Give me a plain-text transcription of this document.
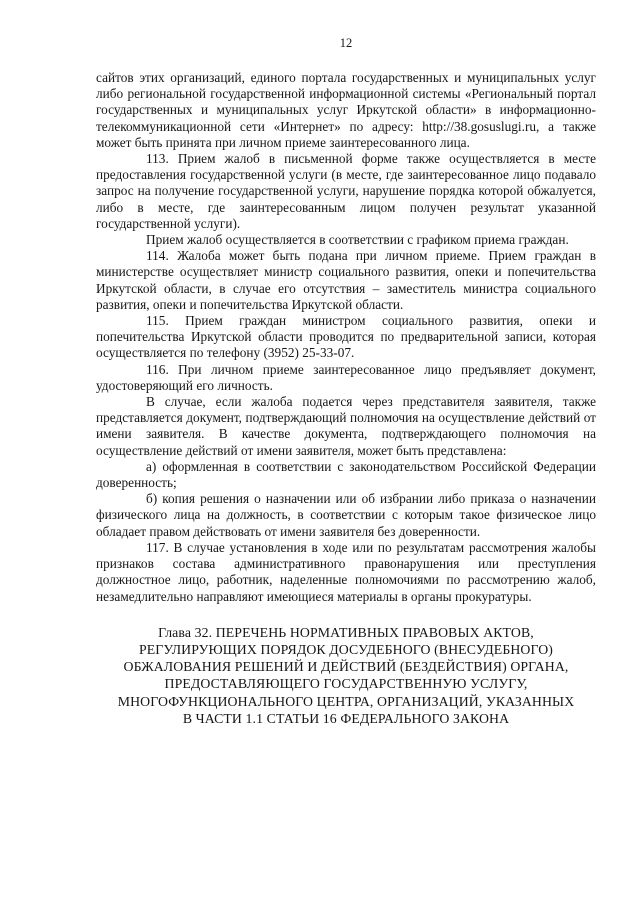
12

сайтов этих организаций, единого портала государственных и муниципальных услуг либо региональной государственной информационной системы «Региональный портал государственных и муниципальных услуг Иркутской области» в информационно-телекоммуникационной сети «Интернет» по адресу: http://38.gosuslugi.ru, а также может быть принята при личном приеме заинтересованного лица.

113. Прием жалоб в письменной форме также осуществляется в месте предоставления государственной услуги (в месте, где заинтересованное лицо подавало запрос на получение государственной услуги, нарушение порядка которой обжалуется, либо в месте, где заинтересованным лицом получен результат указанной государственной услуги).

Прием жалоб осуществляется в соответствии с графиком приема граждан.

114. Жалоба может быть подана при личном приеме. Прием граждан в министерстве осуществляет министр социального развития, опеки и попечительства Иркутской области, в случае его отсутствия – заместитель министра социального развития, опеки и попечительства Иркутской области.

115. Прием граждан министром социального развития, опеки и попечительства Иркутской области проводится по предварительной записи, которая осуществляется по телефону (3952) 25-33-07.

116. При личном приеме заинтересованное лицо предъявляет документ, удостоверяющий его личность.

В случае, если жалоба подается через представителя заявителя, также представляется документ, подтверждающий полномочия на осуществление действий от имени заявителя. В качестве документа, подтверждающего полномочия на осуществление действий от имени заявителя, может быть представлена:

а) оформленная в соответствии с законодательством Российской Федерации доверенность;

б) копия решения о назначении или об избрании либо приказа о назначении физического лица на должность, в соответствии с которым такое физическое лицо обладает правом действовать от имени заявителя без доверенности.

117. В случае установления в ходе или по результатам рассмотрения жалобы признаков состава административного правонарушения или преступления должностное лицо, работник, наделенные полномочиями по рассмотрению жалоб, незамедлительно направляют имеющиеся материалы в органы прокуратуры.

Глава 32. ПЕРЕЧЕНЬ НОРМАТИВНЫХ ПРАВОВЫХ АКТОВ,
РЕГУЛИРУЮЩИХ ПОРЯДОК ДОСУДЕБНОГО (ВНЕСУДЕБНОГО)
ОБЖАЛОВАНИЯ РЕШЕНИЙ И ДЕЙСТВИЙ (БЕЗДЕЙСТВИЯ) ОРГАНА,
ПРЕДОСТАВЛЯЮЩЕГО ГОСУДАРСТВЕННУЮ УСЛУГУ,
МНОГОФУНКЦИОНАЛЬНОГО ЦЕНТРА, ОРГАНИЗАЦИЙ, УКАЗАННЫХ
В ЧАСТИ 1.1 СТАТЬИ 16 ФЕДЕРАЛЬНОГО ЗАКОНА
